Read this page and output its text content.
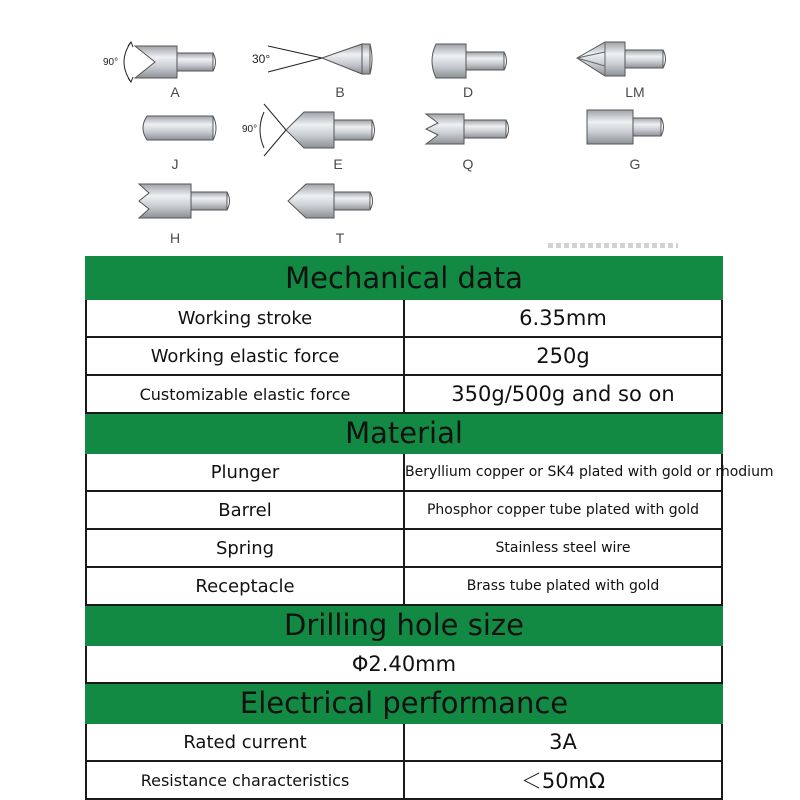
90°
A
30°
B	D	LM
J
90°
E	Q	G
H	T
Mechanical data	
Working stroke	6.35mm
Working elastic force	250g
Customizable elastic force	350g/500g and so on
Material	
Plunger	Beryllium copper or SK4 plated with gold or rhodium
Barrel	Phosphor copper tube plated with gold
Spring	Stainless steel wire
Receptacle	Brass tube plated with gold
Drilling hole size	
Φ2.40mm	
Electrical performance	
Rated current	3A
Resistance characteristics	＜50mΩ
